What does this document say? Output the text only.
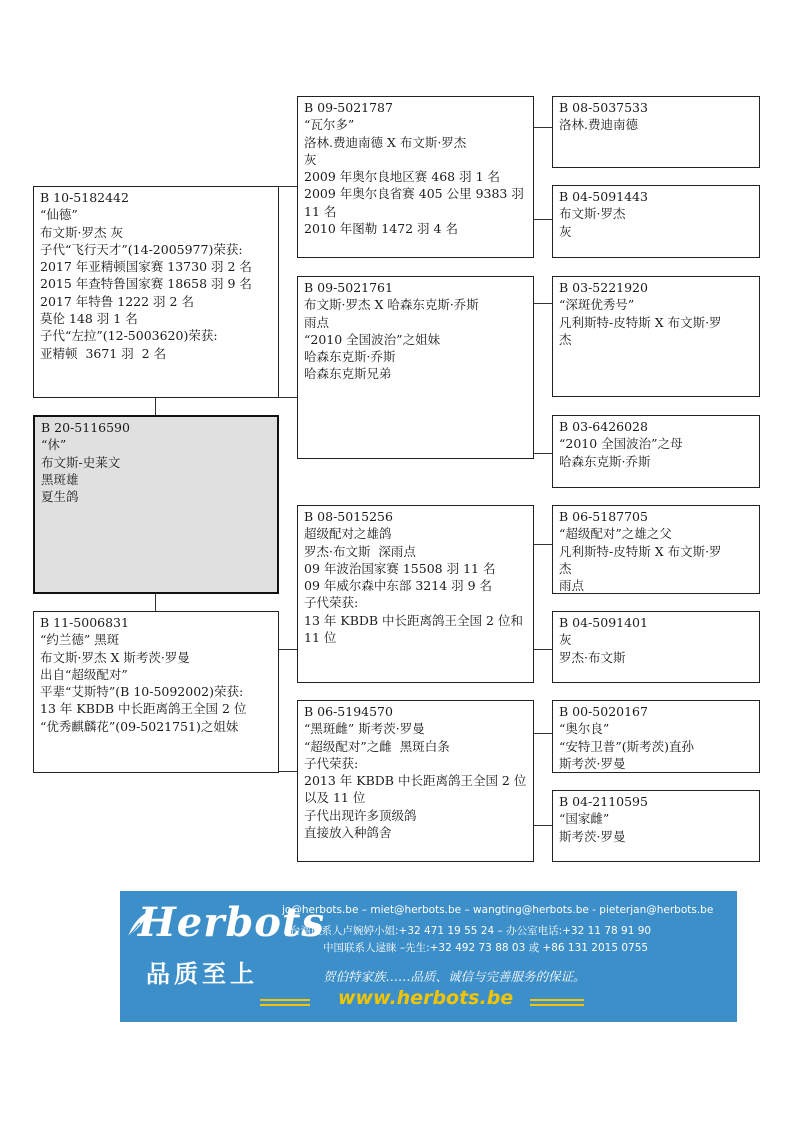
B 20-5116590
“休”
布文斯-史莱文
黑斑雄
夏生鸽
B 10-5182442
“仙德”
布文斯·罗杰 灰
子代“飞行天才”(14-2005977)荣获:
2017 年亚精顿国家赛 13730 羽 2 名
2015 年查特鲁国家赛 18658 羽 9 名
2017 年特鲁 1222 羽 2 名
莫伦 148 羽 1 名
子代“左拉”(12-5003620)荣获:
亚精顿  3671 羽  2 名
B 11-5006831
“约兰德” 黑斑
布文斯·罗杰 X 斯考茨·罗曼
出自“超级配对”
平辈“艾斯特”(B 10-5092002)荣获:
13 年 KBDB 中长距离鸽王全国 2 位
“优秀麒麟花”(09-5021751)之姐妹
B 09-5021787
“瓦尔多”
洛林.费迪南德 X 布文斯·罗杰
灰
2009 年奥尔良地区赛 468 羽 1 名
2009 年奥尔良省赛 405 公里 9383 羽
11 名
2010 年图勒 1472 羽 4 名
B 09-5021761
布文斯·罗杰 X 哈森东克斯·乔斯
雨点
“2010 全国波治”之姐妹
哈森东克斯·乔斯
哈森东克斯兄弟
B 08-5015256
超级配对之雄鸽
罗杰·布文斯  深雨点
09 年波治国家赛 15508 羽 11 名
09 年威尔森中东部 3214 羽 9 名
子代荣获:
13 年 KBDB 中长距离鸽王全国 2 位和
11 位
B 06-5194570
“黑斑雌” 斯考茨·罗曼
“超级配对”之雌  黑斑白条
子代荣获:
2013 年 KBDB 中长距离鸽王全国 2 位
以及 11 位
子代出现许多顶级鸽
直接放入种鸽舍
B 08-5037533
洛林.费迪南德
B 04-5091443
布文斯·罗杰
灰
B 03-5221920
“深斑优秀号”
凡利斯特-皮特斯 X 布文斯·罗
杰
B 03-6426028
“2010 全国波治”之母
哈森东克斯·乔斯
B 06-5187705
“超级配对”之雄之父
凡利斯特-皮特斯 X 布文斯·罗
杰
雨点
B 04-5091401
灰
罗杰·布文斯
B 00-5020167
“奥尔良”
“安特卫普”(斯考茨)直孙
斯考茨·罗曼
B 04-2110595
“国家雌”
斯考茨·罗曼
Herbots
品质至上
jo@herbots.be – miet@herbots.be – wangting@herbots.be - pieterjan@herbots.be
台湾联系人卢婉婷小姐:+32 471 19 55 24 – 办公室电话:+32 11 78 91 90
中国联系人逯睐 –先生:+32 492 73 88 03 或 +86 131 2015 0755
贺伯特家族……品质、诚信与完善服务的保证。
www.herbots.be
